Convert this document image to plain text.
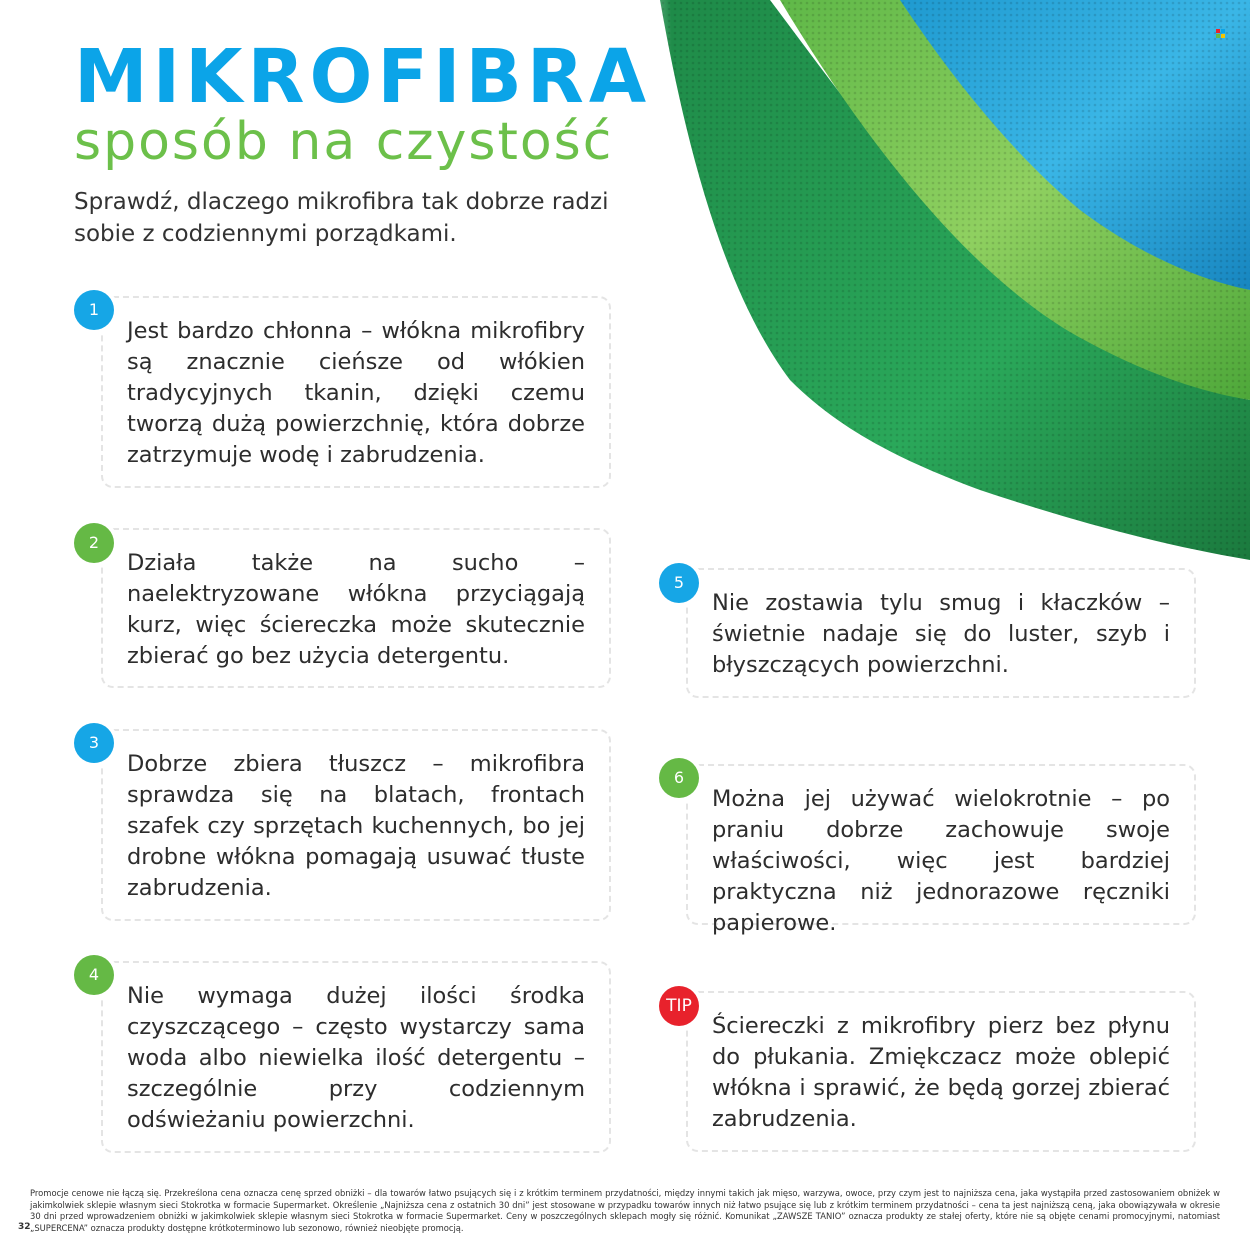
MIKROFIBRA
sposób na czystość
Sprawdź, dlaczego mikrofibra tak dobrze radzi sobie z codziennymi porządkami.
Jest bardzo chłonna – włókna mikrofibry są znacznie cieńsze od włókien tradycyjnych tkanin, dzięki czemu tworzą dużą powierzchnię, która dobrze zatrzymuje wodę i zabrudzenia.
1
Działa także na sucho – naelektryzowane włókna przyciągają kurz, więc ściereczka może skutecznie zbierać go bez użycia detergentu.
2
Dobrze zbiera tłuszcz – mikrofibra sprawdza się na blatach, frontach szafek czy sprzętach kuchennych, bo jej drobne włókna pomagają usuwać tłuste zabrudzenia.
3
Nie wymaga dużej ilości środka czyszczącego – często wystarczy sama woda albo niewielka ilość detergentu – szczególnie przy codziennym odświeżaniu powierzchni.
4
Nie zostawia tylu smug i kłaczków – świetnie nadaje się do luster, szyb i błyszczących powierzchni.
5
Można jej używać wielokrotnie – po praniu dobrze zachowuje swoje właściwości, więc jest bardziej praktyczna niż jednorazowe ręczniki papierowe.
6
Ściereczki z mikrofibry pierz bez płynu do płukania. Zmiękczacz może oblepić włókna i sprawić, że będą gorzej zbierać zabrudzenia.
TIP
Promocje cenowe nie łączą się. Przekreślona cena oznacza cenę sprzed obniżki – dla towarów łatwo psujących się i z krótkim terminem przydatności, między innymi takich jak mięso, warzywa, owoce, przy czym jest to najniższa cena, jaka wystąpiła przed zastosowaniem obniżek w jakimkolwiek sklepie własnym sieci Stokrotka w formacie Supermarket. Określenie „Najniższa cena z ostatnich 30 dni” jest stosowane w przypadku towarów innych niż łatwo psujące się lub z krótkim terminem przydatności – cena ta jest najniższą ceną, jaka obowiązywała w okresie 30 dni przed wprowadzeniem obniżki w jakimkolwiek sklepie własnym sieci Stokrotka w formacie Supermarket. Ceny w poszczególnych sklepach mogły się różnić. Komunikat „ZAWSZE TANIO” oznacza produkty ze stałej oferty, które nie są objęte cenami promocyjnymi, natomiast „SUPERCENA” oznacza produkty dostępne krótkoterminowo lub sezonowo, również nieobjęte promocją.
32
